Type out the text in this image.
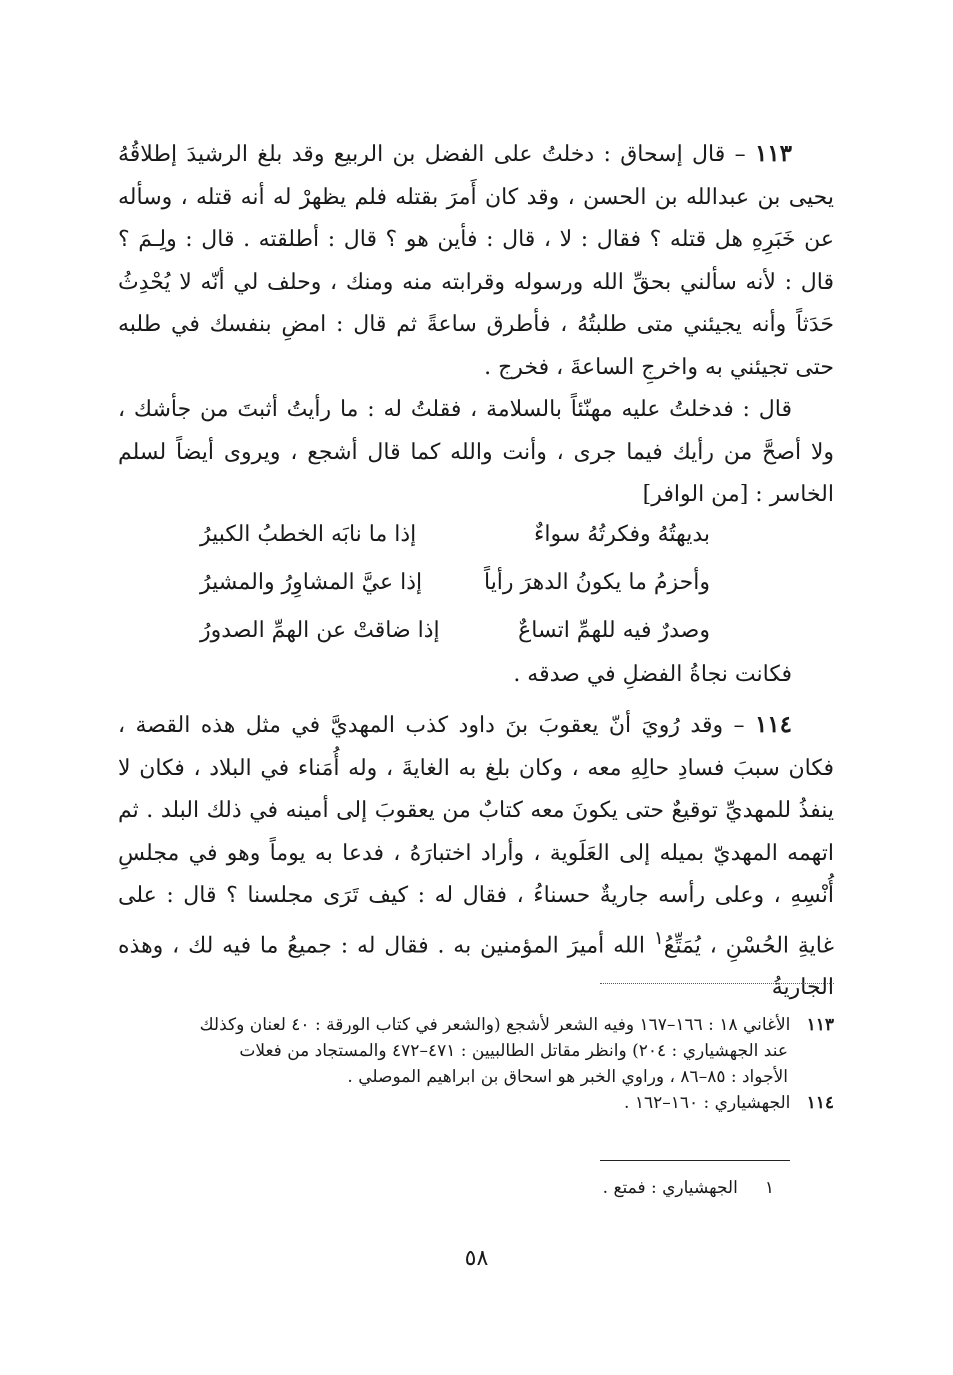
١١٣ – قال إسحاق : دخلتُ على الفضل بن الربيع وقد بلغ الرشيدَ إطلاقُهُ يحيى بن عبدالله بن الحسن ، وقد كان أَمرَ بقتله فلم يظهرْ له أنه قتله ، وسأله عن خَبَرِهِ هل قتله ؟ فقال : لا ، قال : فأين هو ؟ قال : أطلقته . قال : ولِـمَ ؟ قال : لأنه سألني بحقِّ الله ورسوله وقرابته منه ومنك ، وحلف لي أنّه لا يُحْدِثُ حَدَثاً وأنه يجيئني متى طلبتُهُ ، فأطرق ساعةً ثم قال : امضِ بنفسك في طلبه حتى تجيئني به واخرجِ الساعةَ ، فخرج .

قال : فدخلتُ عليه مهنّئاً بالسلامة ، فقلتُ له : ما رأيتُ أثبتَ من جأشك ، ولا أصحَّ من رأيك فيما جرى ، وأنت والله كما قال أشجع ، ويروى أيضاً لسلم الخاسر : [من الوافر]

بديهتُهُ وفكرتُهُ سواءٌ
إذا ما نابَه الخطبُ الكبيرُ
وأحزمُ ما يكونُ الدهرَ رأياً
إذا عيَّ المشاوِرُ والمشيرُ
وصدرٌ فيه للهمِّ اتساعٌ
إذا ضاقتْ عن الهمِّ الصدورُ

فكانت نجاةُ الفضلِ في صدقه .

١١٤ – وقد رُويَ أنّ يعقوبَ بنَ داود كذب المهديَّ في مثل هذه القصة ، فكان سببَ فسادِ حالِهِ معه ، وكان بلغ به الغايةَ ، وله أُمَناء في البلاد ، فكان لا ينفذُ للمهديِّ توقيعٌ حتى يكونَ معه كتابٌ من يعقوبَ إلى أمينه في ذلك البلد . ثم اتهمه المهديّ بميله إلى العَلَوية ، وأراد اختبارَهُ ، فدعا به يوماً وهو في مجلسِ أُنْسِهِ ، وعلى رأسه جاريةٌ حسناءُ ، فقال له : كيف تَرَى مجلسنا ؟ قال : على غايةِ الحُسْنِ ، يُمَتِّعُ$^١$ الله أميرَ المؤمنين به . فقال له : جميعُ ما فيه لك ، وهذه الجاريةُ

١١٣   الأغاني ١٨ : ١٦٦–١٦٧ وفيه الشعر لأشجع (والشعر في كتاب الورقة : ٤٠ لعنان وكذلك

عند الجهشياري : ٢٠٤) وانظر مقاتل الطالبيين : ٤٧١–٤٧٢ والمستجاد من فعلات

الأجواد : ٨٥–٨٦ ، وراوي الخبر هو اسحاق بن ابراهيم الموصلي .

١١٤   الجهشياري : ١٦٠–١٦٢ .

١     الجهشياري : فمتع .
٥٨
